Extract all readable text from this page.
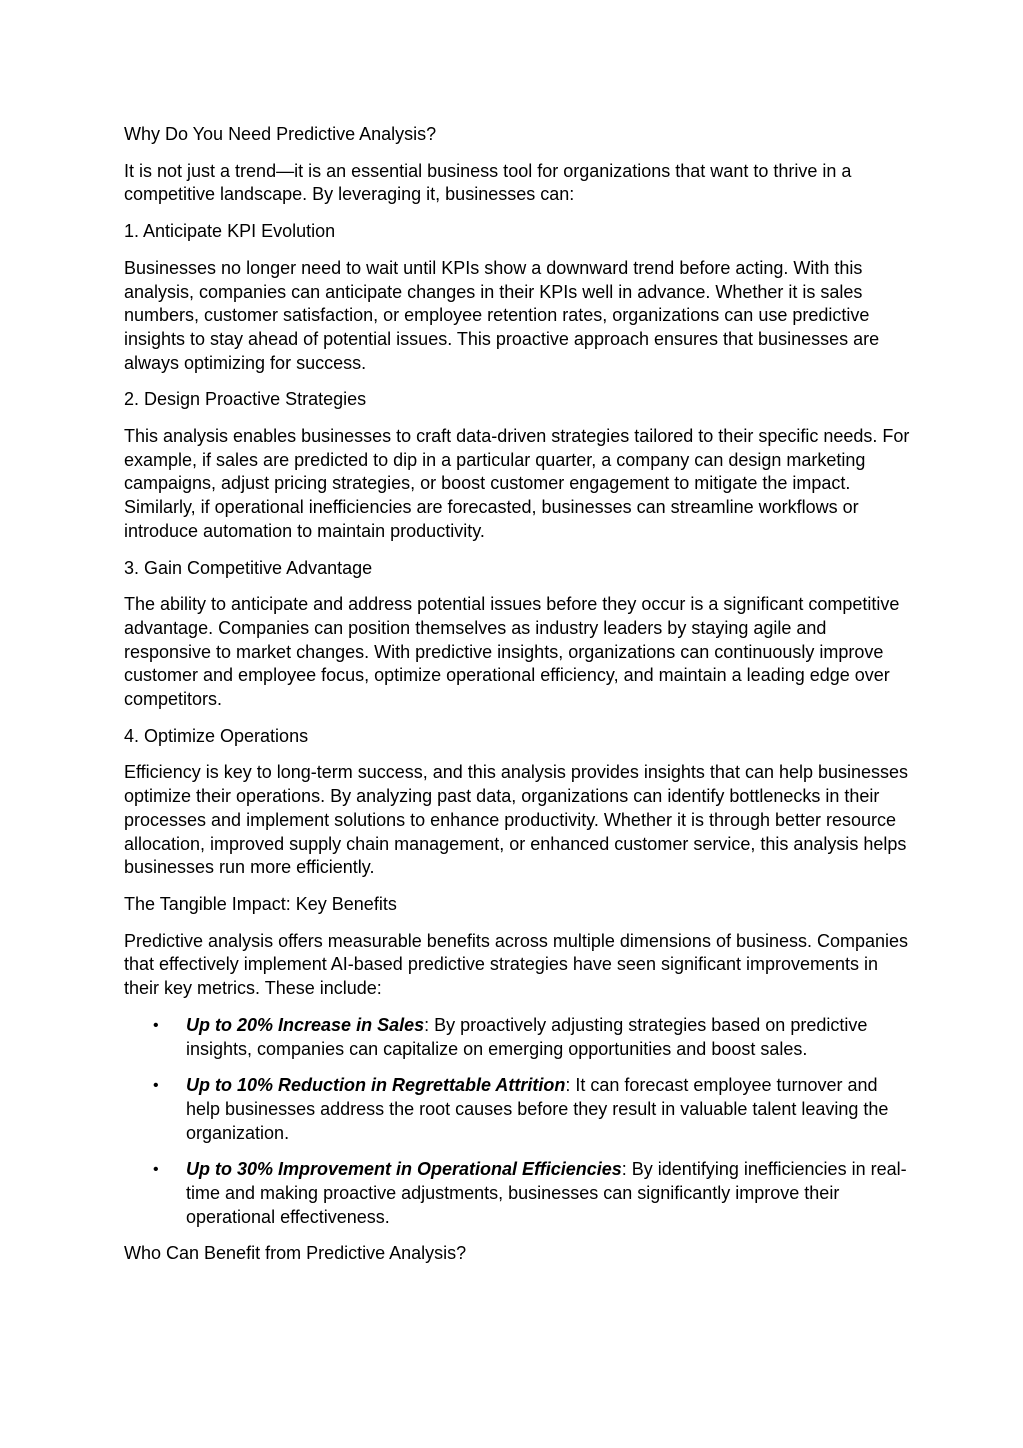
Why Do You Need Predictive Analysis?

It is not just a trend—it is an essential business tool for organizations that want to thrive in a competitive landscape. By leveraging it, businesses can:

1. Anticipate KPI Evolution

Businesses no longer need to wait until KPIs show a downward trend before acting. With this analysis, companies can anticipate changes in their KPIs well in advance. Whether it is sales numbers, customer satisfaction, or employee retention rates, organizations can use predictive insights to stay ahead of potential issues. This proactive approach ensures that businesses are always optimizing for success.

2. Design Proactive Strategies

This analysis enables businesses to craft data-driven strategies tailored to their specific needs. For example, if sales are predicted to dip in a particular quarter, a company can design marketing campaigns, adjust pricing strategies, or boost customer engagement to mitigate the impact. Similarly, if operational inefficiencies are forecasted, businesses can streamline workflows or introduce automation to maintain productivity.

3. Gain Competitive Advantage

The ability to anticipate and address potential issues before they occur is a significant competitive advantage. Companies can position themselves as industry leaders by staying agile and responsive to market changes. With predictive insights, organizations can continuously improve customer and employee focus, optimize operational efficiency, and maintain a leading edge over competitors.

4. Optimize Operations

Efficiency is key to long-term success, and this analysis provides insights that can help businesses optimize their operations. By analyzing past data, organizations can identify bottlenecks in their processes and implement solutions to enhance productivity. Whether it is through better resource allocation, improved supply chain management, or enhanced customer service, this analysis helps businesses run more efficiently.

The Tangible Impact: Key Benefits

Predictive analysis offers measurable benefits across multiple dimensions of business. Companies that effectively implement AI-based predictive strategies have seen significant improvements in their key metrics. These include:

• Up to 20% Increase in Sales: By proactively adjusting strategies based on predictive insights, companies can capitalize on emerging opportunities and boost sales.
• Up to 10% Reduction in Regrettable Attrition: It can forecast employee turnover and help businesses address the root causes before they result in valuable talent leaving the organization.
• Up to 30% Improvement in Operational Efficiencies: By identifying inefficiencies in real-time and making proactive adjustments, businesses can significantly improve their operational effectiveness.

Who Can Benefit from Predictive Analysis?
